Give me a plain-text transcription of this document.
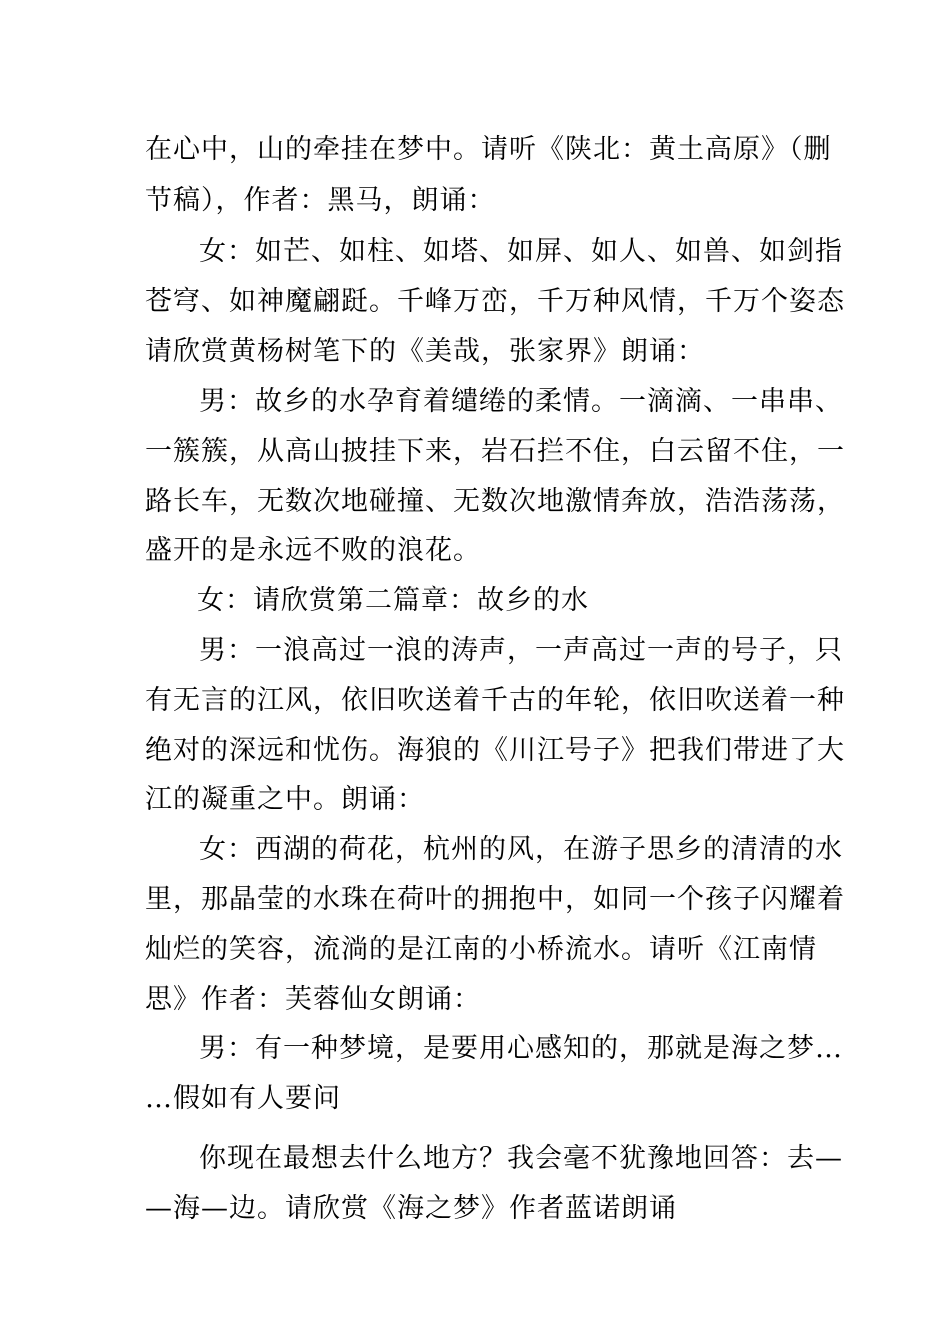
在心中，山的牵挂在梦中。请听《陕北：黄土高原》（删
节稿），作者：黑马，朗诵：
女：如芒、如柱、如塔、如屏、如人、如兽、如剑指
苍穹、如神魔翩跹。千峰万峦，千万种风情，千万个姿态
请欣赏黄杨树笔下的《美哉，张家界》朗诵：
男：故乡的水孕育着缱绻的柔情。一滴滴、一串串、
一簇簇，从高山披挂下来，岩石拦不住，白云留不住，一
路长车，无数次地碰撞、无数次地激情奔放，浩浩荡荡，
盛开的是永远不败的浪花。
女：请欣赏第二篇章：故乡的水
男：一浪高过一浪的涛声，一声高过一声的号子，只
有无言的江风，依旧吹送着千古的年轮，依旧吹送着一种
绝对的深远和忧伤。海狼的《川江号子》把我们带进了大
江的凝重之中。朗诵：
女：西湖的荷花，杭州的风，在游子思乡的清清的水
里，那晶莹的水珠在荷叶的拥抱中，如同一个孩子闪耀着
灿烂的笑容，流淌的是江南的小桥流水。请听《江南情
思》作者：芙蓉仙女朗诵：
男：有一种梦境，是要用心感知的，那就是海之梦…
…假如有人要问
你现在最想去什么地方？我会毫不犹豫地回答：去—
—海—边。请欣赏《海之梦》作者蓝诺朗诵
